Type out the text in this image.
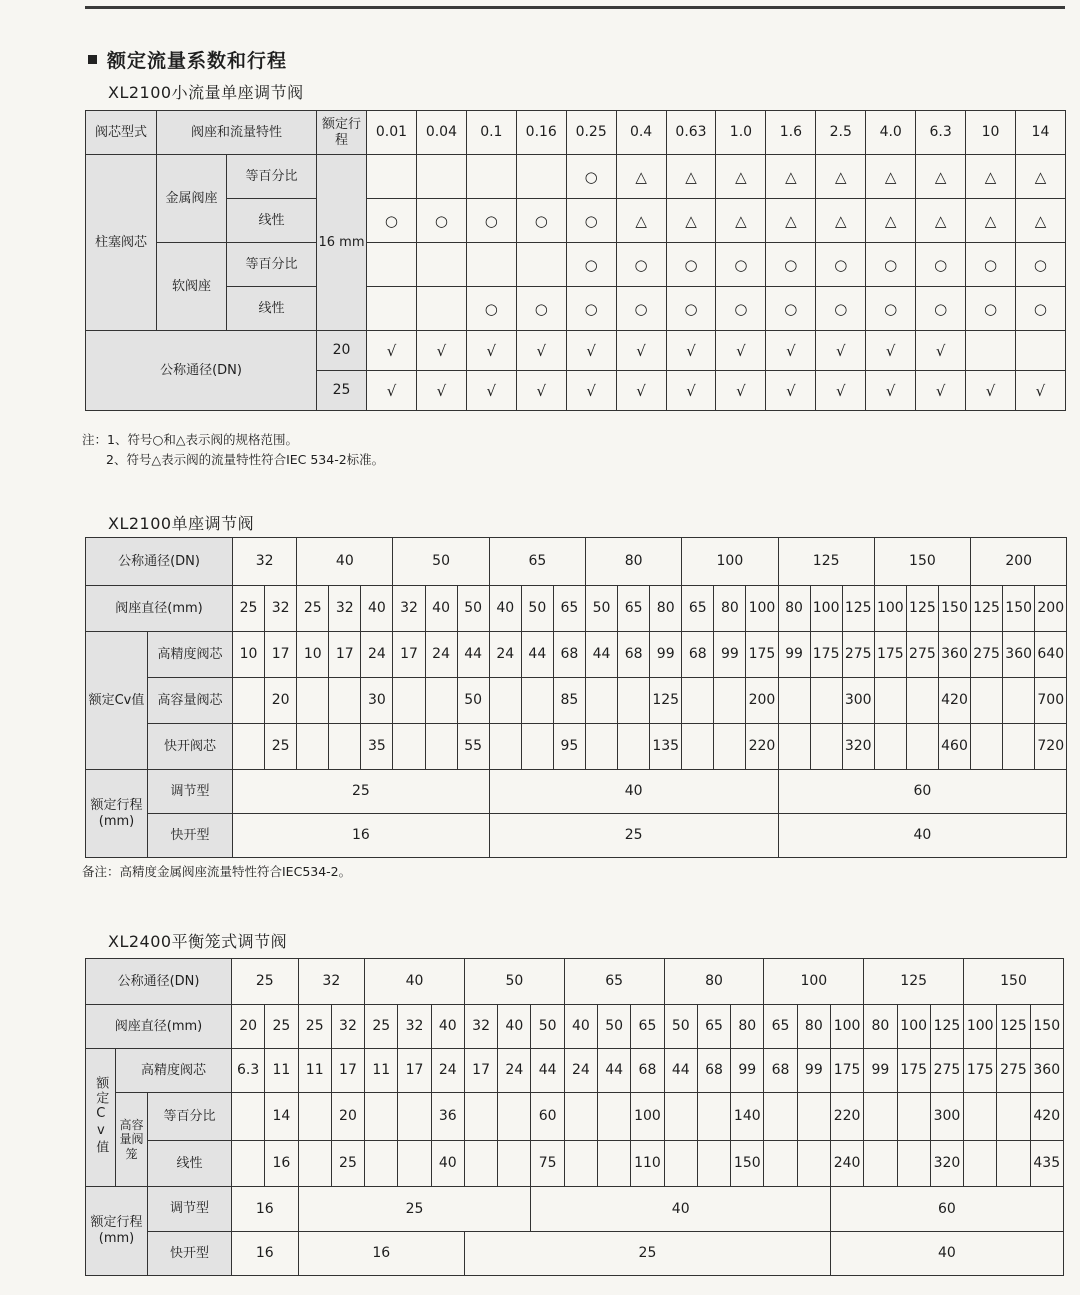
额定流量系数和行程
XL2100小流量单座调节阀
阀芯型式	阀座和流量特性		额定行程	0.01	0.04	0.1	0.16	0.25	0.4	0.63	1.0	1.6	2.5	4.0	6.3	10	14
柱塞阀芯	金属阀座	等百分比	16 mm					○	△	△	△	△	△	△	△	△	△
		线性		○	○	○	○	○	△	△	△	△	△	△	△	△	△
	软阀座	等百分比						○	○	○	○	○	○	○	○	○	○
		线性				○	○	○	○	○	○	○	○	○	○	○	○
公称通径(DN)			20	√	√	√	√	√	√	√	√	√	√	√	√		
			25	√	√	√	√	√	√	√	√	√	√	√	√	√	√
注：1、符号○和△表示阀的规格范围。
2、符号△表示阀的流量特性符合IEC 534-2标准。
XL2100单座调节阀
公称通径(DN)		32		40			50			65			80			100			125			150			200		
阀座直径(mm)		25	32	25	32	40	32	40	50	40	50	65	50	65	80	65	80	100	80	100	125	100	125	150	125	150	200
额定Cv值	高精度阀芯	10	17	10	17	24	17	24	44	24	44	68	44	68	99	68	99	175	99	175	275	175	275	360	275	360	640
	高容量阀芯		20			30			50			85			125			200			300			420			700
	快开阀芯		25			35			55			95			135			220			320			460			720
额定行程(mm)	调节型	25								40									60								
	快开型	16								25									40								
备注：高精度金属阀座流量特性符合IEC534-2。
XL2400平衡笼式调节阀
公称通径(DN)			25		32		40			50			65			80			100			125			150		
阀座直径(mm)			20	25	25	32	25	32	40	32	40	50	40	50	65	50	65	80	65	80	100	80	100	125	100	125	150
额定Cv值	高精度阀芯		6.3	11	11	17	11	17	24	17	24	44	24	44	68	44	68	99	68	99	175	99	175	275	175	275	360
	高容量阀笼	等百分比		14		20			36			60			100			140			220			300			420
		线性		16		25			40			75			110			150			240			320			435
额定行程(mm)		调节型	16		25							40									60						
		快开型	16		16					25											40						
